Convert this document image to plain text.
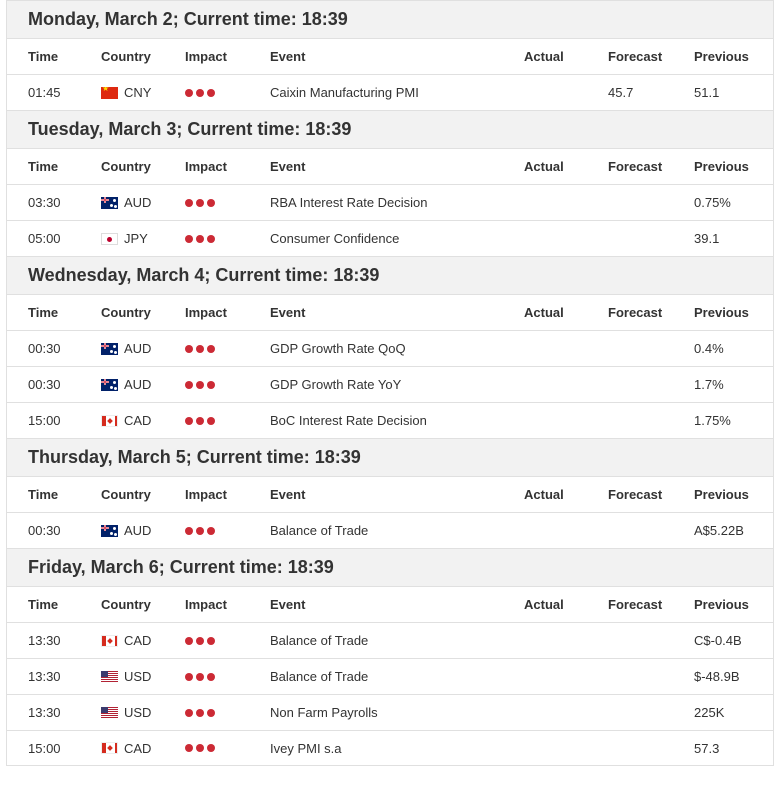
Monday, March 2; Current time: 18:39
Time	Country	Impact	Event	Actual	Forecast Previous
01:45
★	CNY	Caixin Manufacturing PMI	45.7	51.1
Tuesday, March 3; Current time: 18:39
Time	Country	Impact	Event	Actual	Forecast Previous
03:30	AUD	RBA Interest Rate Decision	0.75%
05:00	JPY	Consumer Confidence	39.1
Wednesday, March 4; Current time: 18:39
Time	Country	Impact	Event	Actual	Forecast Previous
00:30	AUD	GDP Growth Rate QoQ	0.4%
00:30	AUD	GDP Growth Rate YoY	1.7%
15:00	CAD	BoC Interest Rate Decision	1.75%
Thursday, March 5; Current time: 18:39
Time	Country	Impact	Event	Actual	Forecast Previous
00:30	AUD	Balance of Trade	A$5.22B
Friday, March 6; Current time: 18:39
Time	Country	Impact	Event	Actual	Forecast Previous
13:30	CAD	Balance of Trade	C$-0.4B
13:30	USD	Balance of Trade	$-48.9B
13:30	USD	Non Farm Payrolls	225K
15:00	CAD	Ivey PMI s.a	57.3
